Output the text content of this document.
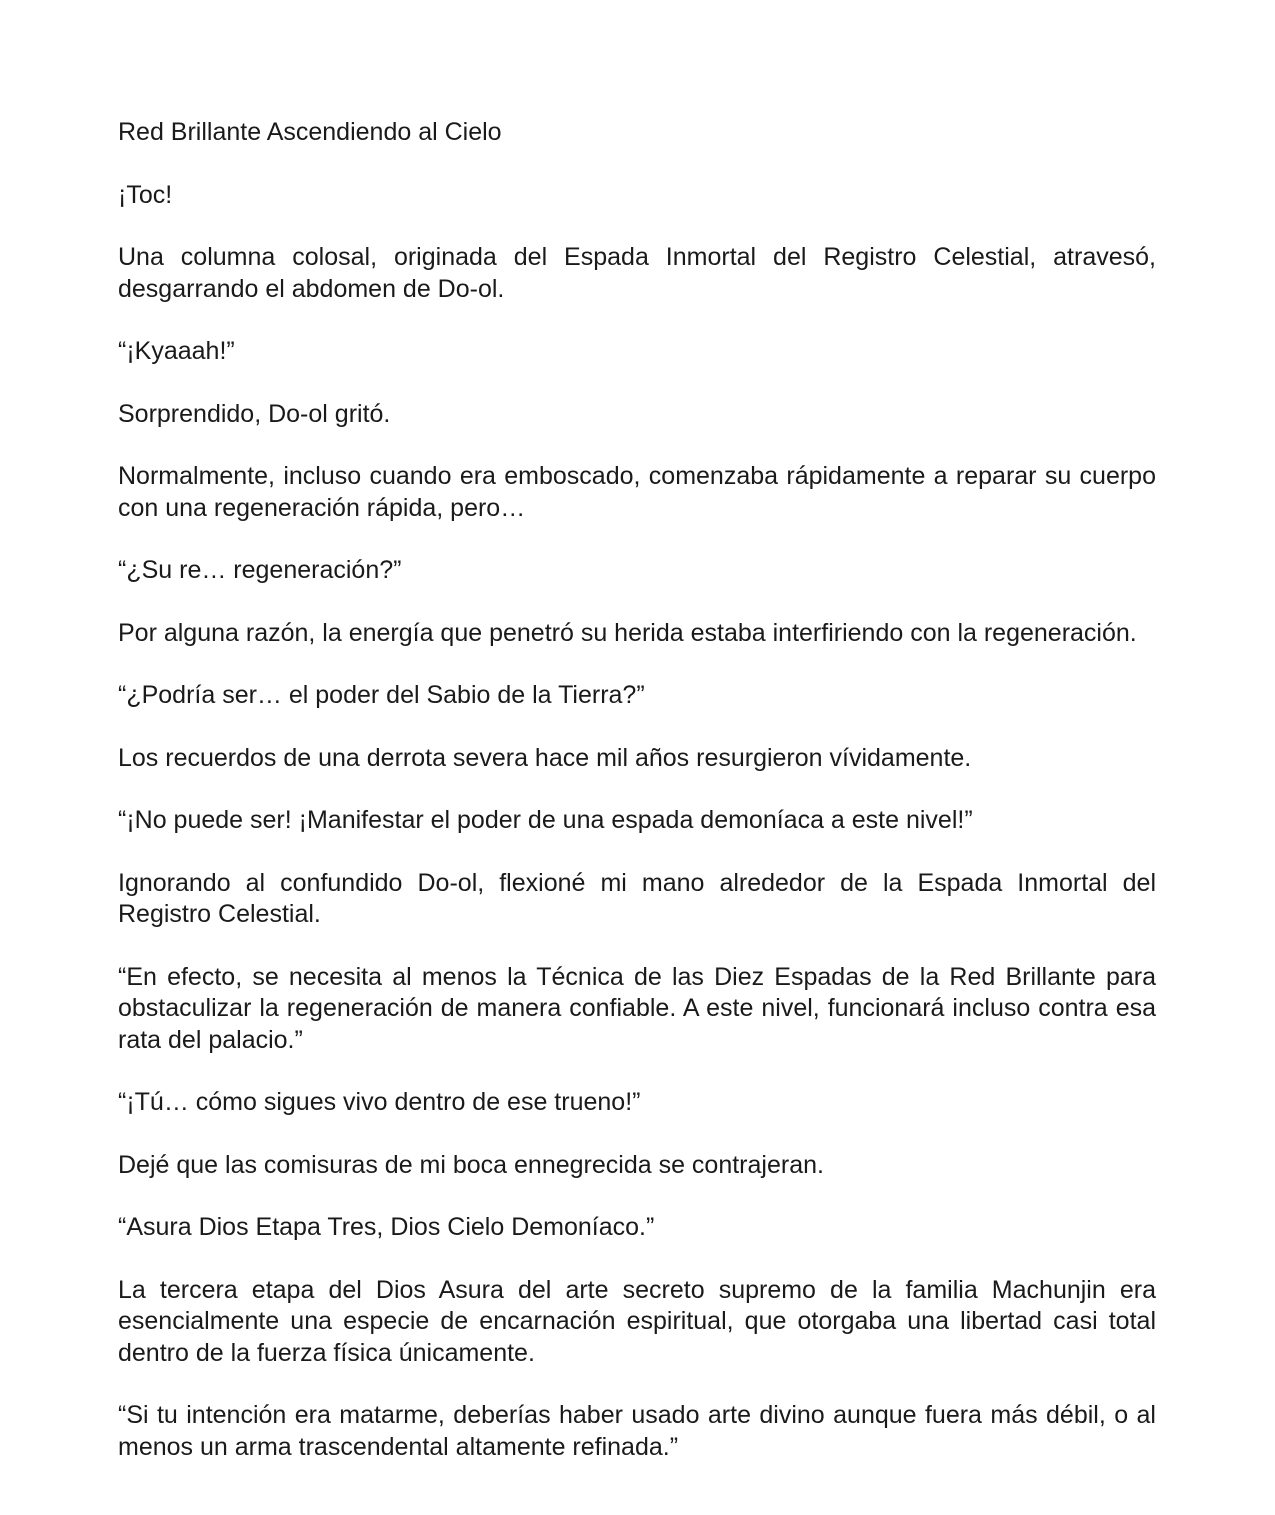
Red Brillante Ascendiendo al Cielo

¡Toc!

Una columna colosal, originada del Espada Inmortal del Registro Celestial, atravesó, desgarrando el abdomen de Do-ol.

“¡Kyaaah!”

Sorprendido, Do-ol gritó.

Normalmente, incluso cuando era emboscado, comenzaba rápidamente a reparar su cuerpo con una regeneración rápida, pero…

“¿Su re… regeneración?”

Por alguna razón, la energía que penetró su herida estaba interfiriendo con la regeneración.

“¿Podría ser… el poder del Sabio de la Tierra?”

Los recuerdos de una derrota severa hace mil años resurgieron vívidamente.

“¡No puede ser! ¡Manifestar el poder de una espada demoníaca a este nivel!”

Ignorando al confundido Do-ol, flexioné mi mano alrededor de la Espada Inmortal del Registro Celestial.

“En efecto, se necesita al menos la Técnica de las Diez Espadas de la Red Brillante para obstaculizar la regeneración de manera confiable. A este nivel, funcionará incluso contra esa rata del palacio.”

“¡Tú… cómo sigues vivo dentro de ese trueno!”

Dejé que las comisuras de mi boca ennegrecida se contrajeran.

“Asura Dios Etapa Tres, Dios Cielo Demoníaco.”

La tercera etapa del Dios Asura del arte secreto supremo de la familia Machunjin era esencialmente una especie de encarnación espiritual, que otorgaba una libertad casi total dentro de la fuerza física únicamente.

“Si tu intención era matarme, deberías haber usado arte divino aunque fuera más débil, o al menos un arma trascendental altamente refinada.”
